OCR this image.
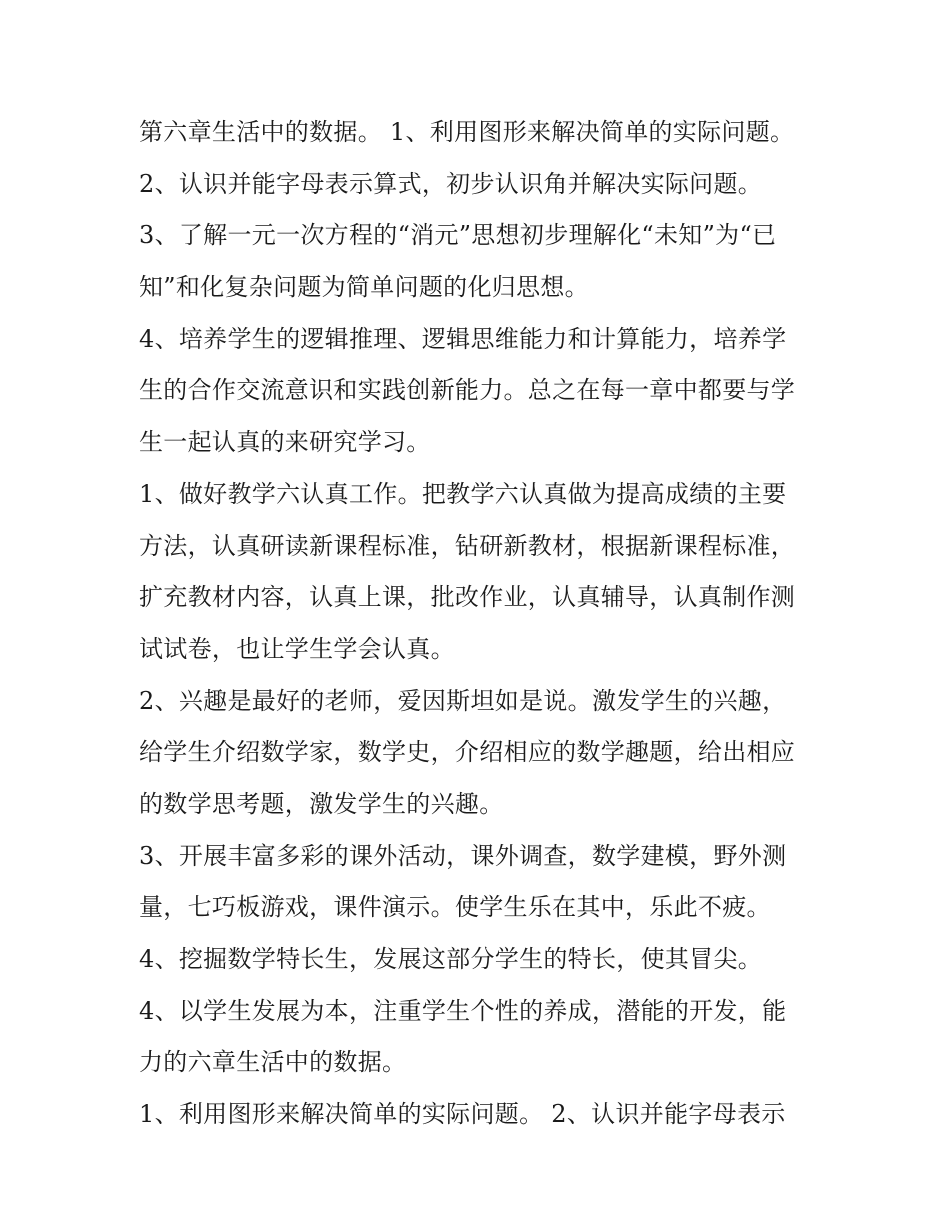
第六章生活中的数据。 1、利用图形来解决简单的实际问题。
2、认识并能字母表示算式，初步认识角并解决实际问题。
3、了解一元一次方程的“消元”思想初步理解化“未知”为“已
知”和化复杂问题为简单问题的化归思想。
4、培养学生的逻辑推理、逻辑思维能力和计算能力，培养学
生的合作交流意识和实践创新能力。总之在每一章中都要与学
生一起认真的来研究学习。
1、做好教学六认真工作。把教学六认真做为提高成绩的主要
方法，认真研读新课程标准，钻研新教材，根据新课程标准，
扩充教材内容，认真上课，批改作业，认真辅导，认真制作测
试试卷，也让学生学会认真。
2、兴趣是最好的老师，爱因斯坦如是说。激发学生的兴趣，
给学生介绍数学家，数学史，介绍相应的数学趣题，给出相应
的数学思考题，激发学生的兴趣。
3、开展丰富多彩的课外活动，课外调查，数学建模，野外测
量，七巧板游戏，课件演示。使学生乐在其中，乐此不疲。
4、挖掘数学特长生，发展这部分学生的特长，使其冒尖。
4、以学生发展为本，注重学生个性的养成，潜能的开发，能
力的六章生活中的数据。
1、利用图形来解决简单的实际问题。 2、认识并能字母表示
